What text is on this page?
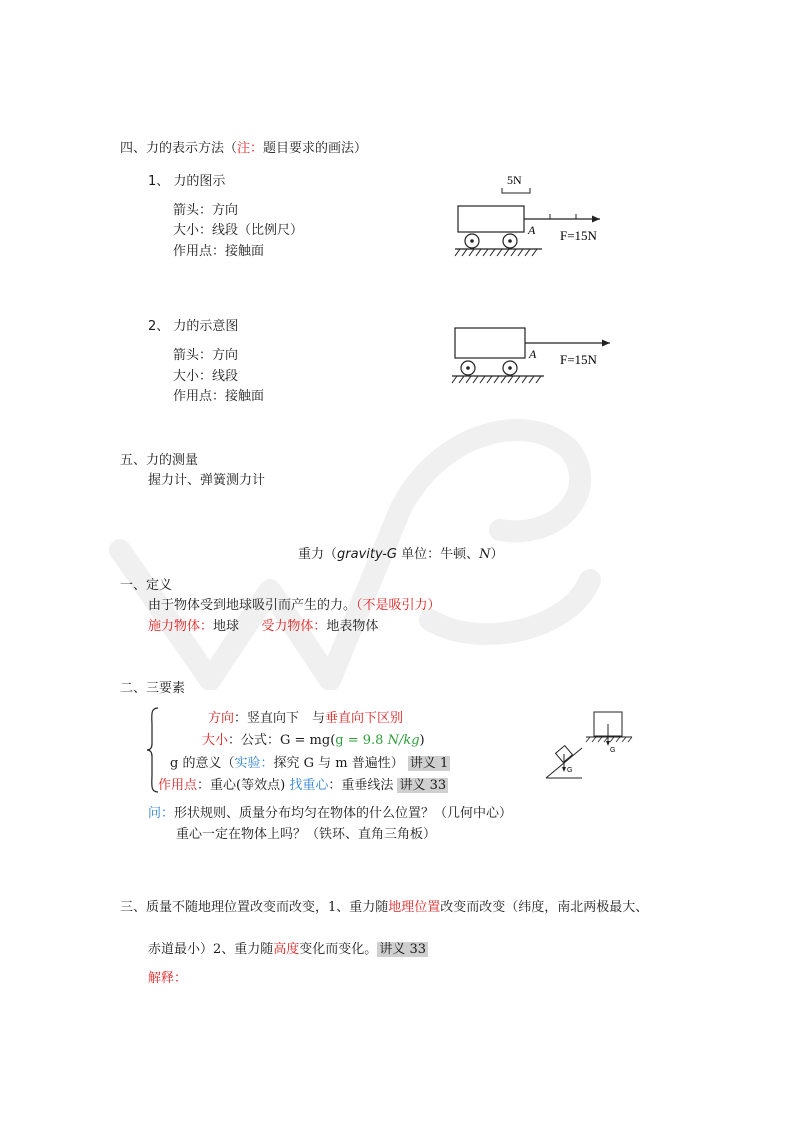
四、力的表示方法（注：题目要求的画法）
1、 力的图示
箭头：方向
大小：线段（比例尺）
作用点：接触面
5N
A F=15N
2、 力的示意图
箭头：方向
大小：线段
作用点：接触面
A F=15N
五、力的测量
握力计、弹簧测力计
重力（gravity-G 单位：牛顿、N）
一、定义
由于物体受到地球吸引而产生的力。（不是吸引力）
施力物体：地球 受力物体：地表物体
二、三要素
方向：竖直向下　与垂直向下区别
大小：公式：G = mg(g = 9.8 N/kg)
g 的意义（实验：探究 G 与 m 普遍性） 讲义 1
作用点：重心(等效点) 找重心：重垂线法 讲义 33
G
G
问：形状规则、质量分布均匀在物体的什么位置？（几何中心）
重心一定在物体上吗？（铁环、直角三角板）
三、质量不随地理位置改变而改变，1、重力随地理位置改变而改变（纬度，南北两极最大、
赤道最小）2、重力随高度变化而变化。 讲义 33
解释：
